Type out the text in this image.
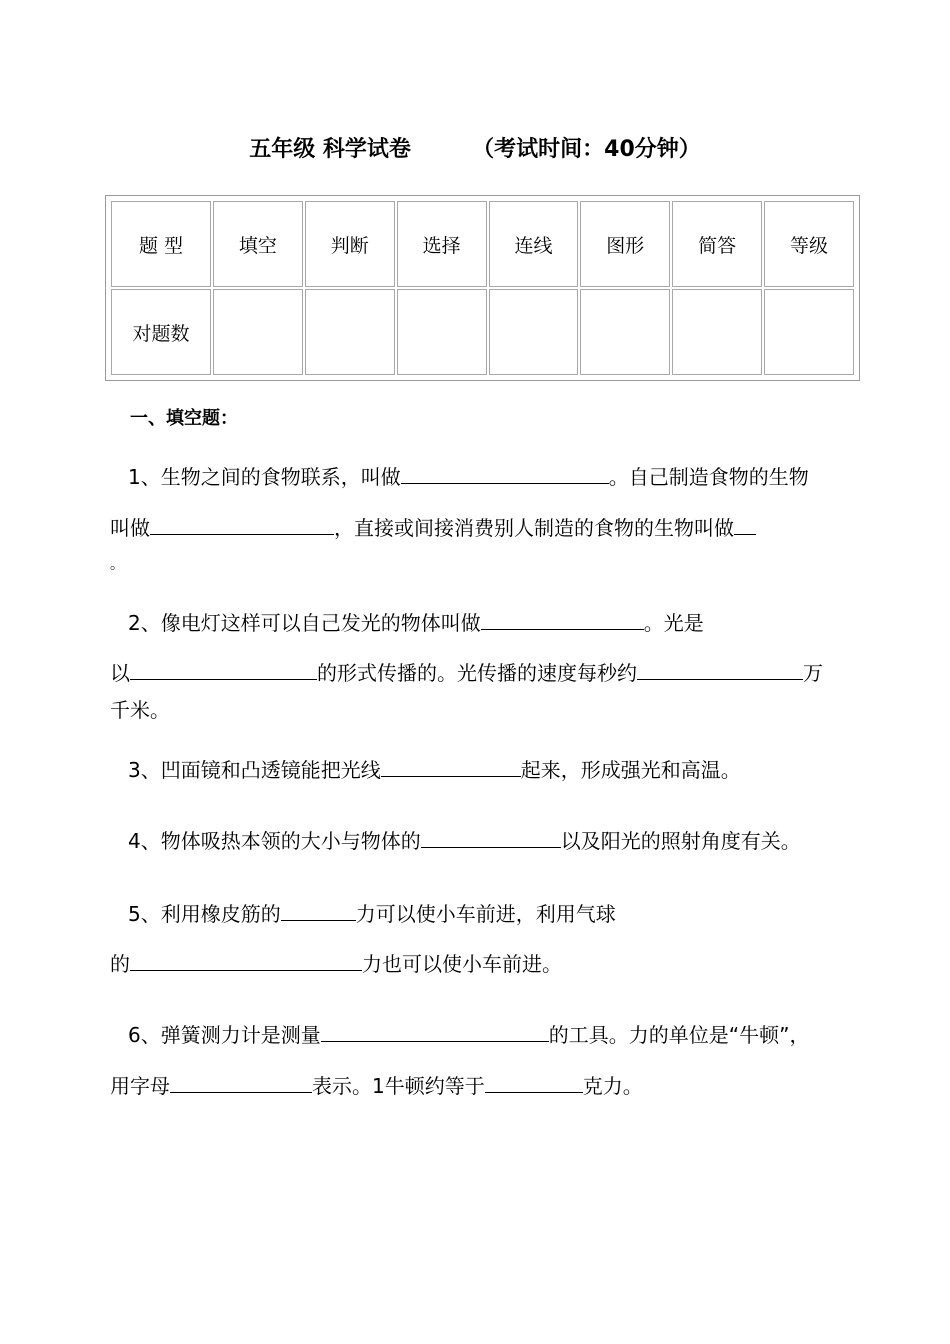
五年级 科学试卷        （考试时间：40分钟）
题 型	填空	判断	选择	连线	图形	简答	等级
对题数							
一、填空题：
1、生物之间的食物联系，叫做	。自己制造食物的生物
叫做	，直接或间接消费别人制造的食物的生物叫做
。
2、像电灯这样可以自己发光的物体叫做	。光是
以	的形式传播的。光传播的速度每秒约	万
千米。
3、凹面镜和凸透镜能把光线	起来，形成强光和高温。
4、物体吸热本领的大小与物体的	以及阳光的照射角度有关。
5、利用橡皮筋的	力可以使小车前进，利用气球
的	力也可以使小车前进。
6、弹簧测力计是测量	的工具。力的单位是“牛顿”，
用字母	表示。1牛顿约等于	克力。
